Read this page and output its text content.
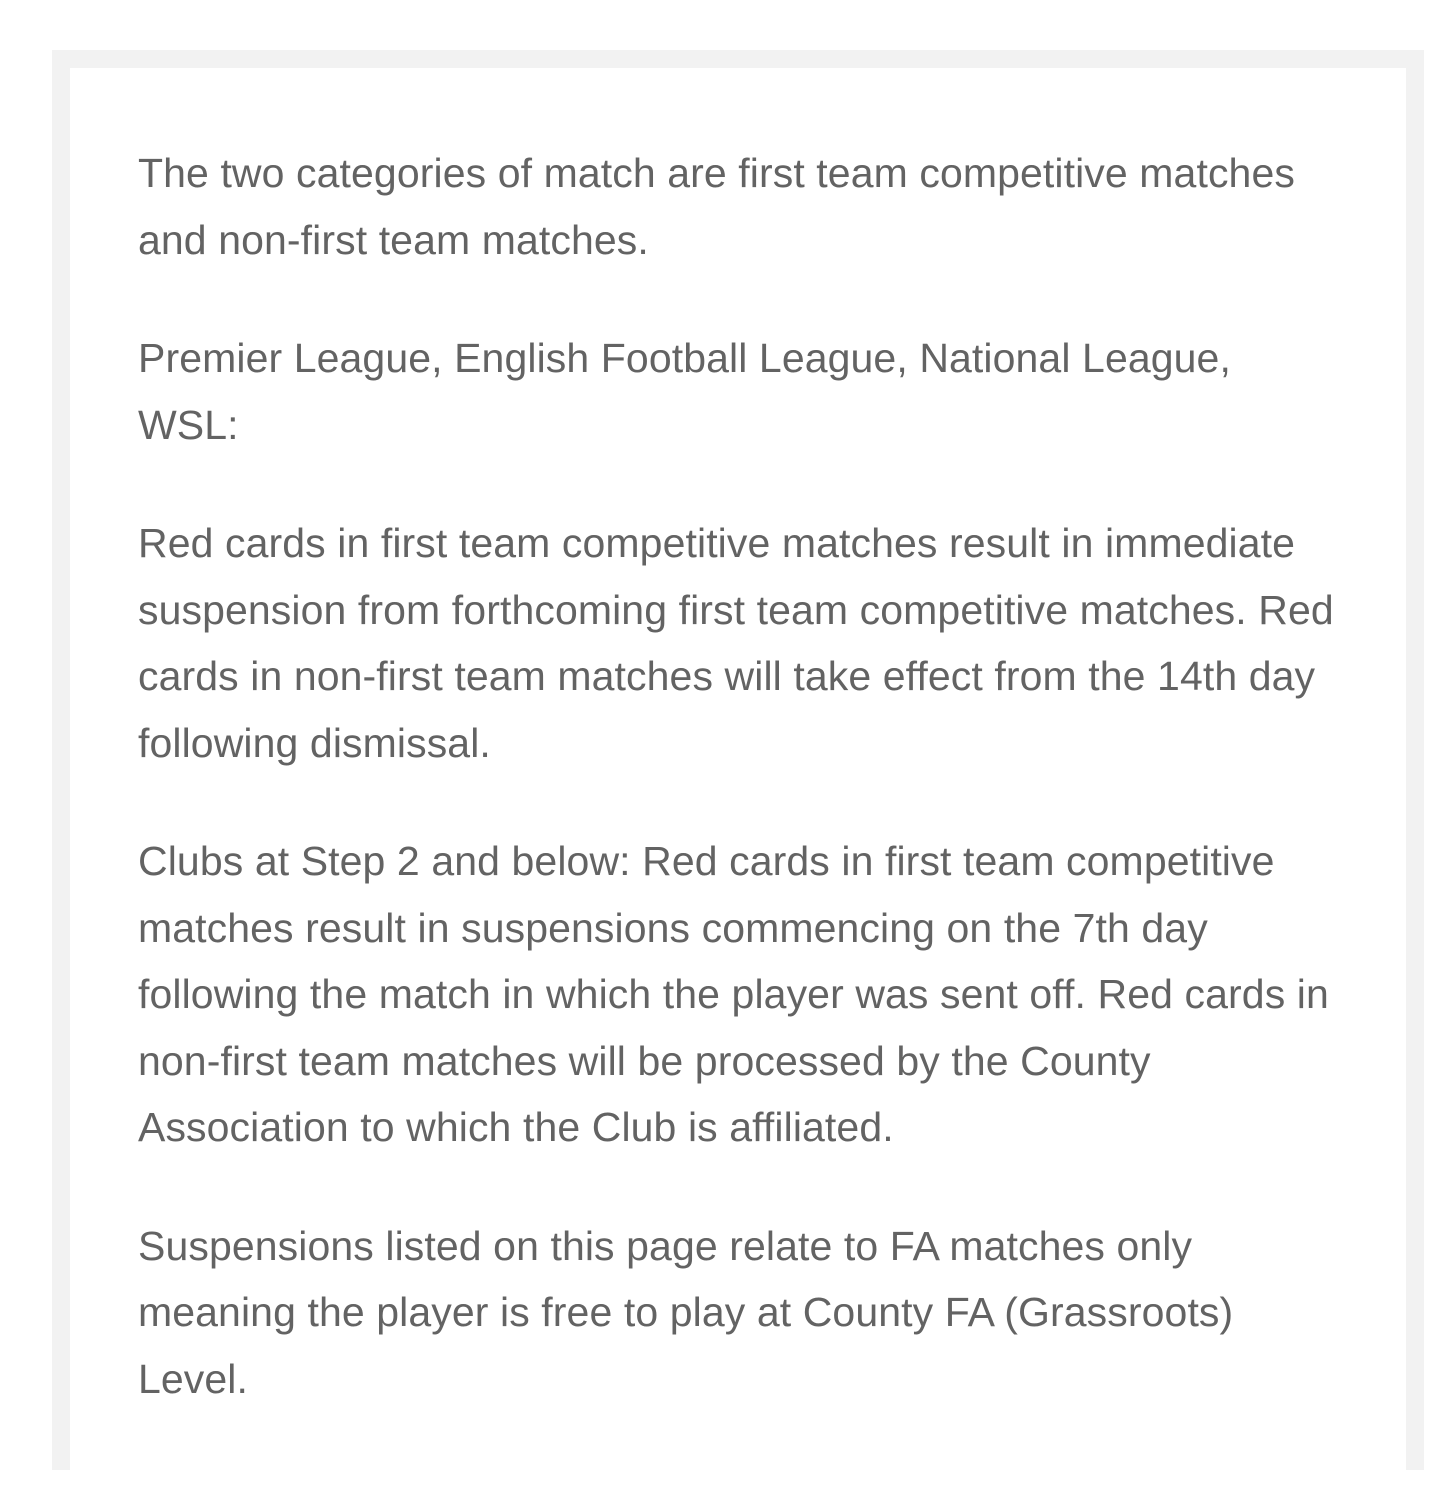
The two categories of match are first team competitive matches and non-first team matches.

Premier League, English Football League, National League, WSL:

Red cards in first team competitive matches result in immediate suspension from forthcoming first team competitive matches. Red cards in non-first team matches will take effect from the 14th day following dismissal.

Clubs at Step 2 and below: Red cards in first team competitive matches result in suspensions commencing on the 7th day following the match in which the player was sent off. Red cards in non-first team matches will be processed by the County Association to which the Club is affiliated.

Suspensions listed on this page relate to FA matches only meaning the player is free to play at County FA (Grassroots) Level.
